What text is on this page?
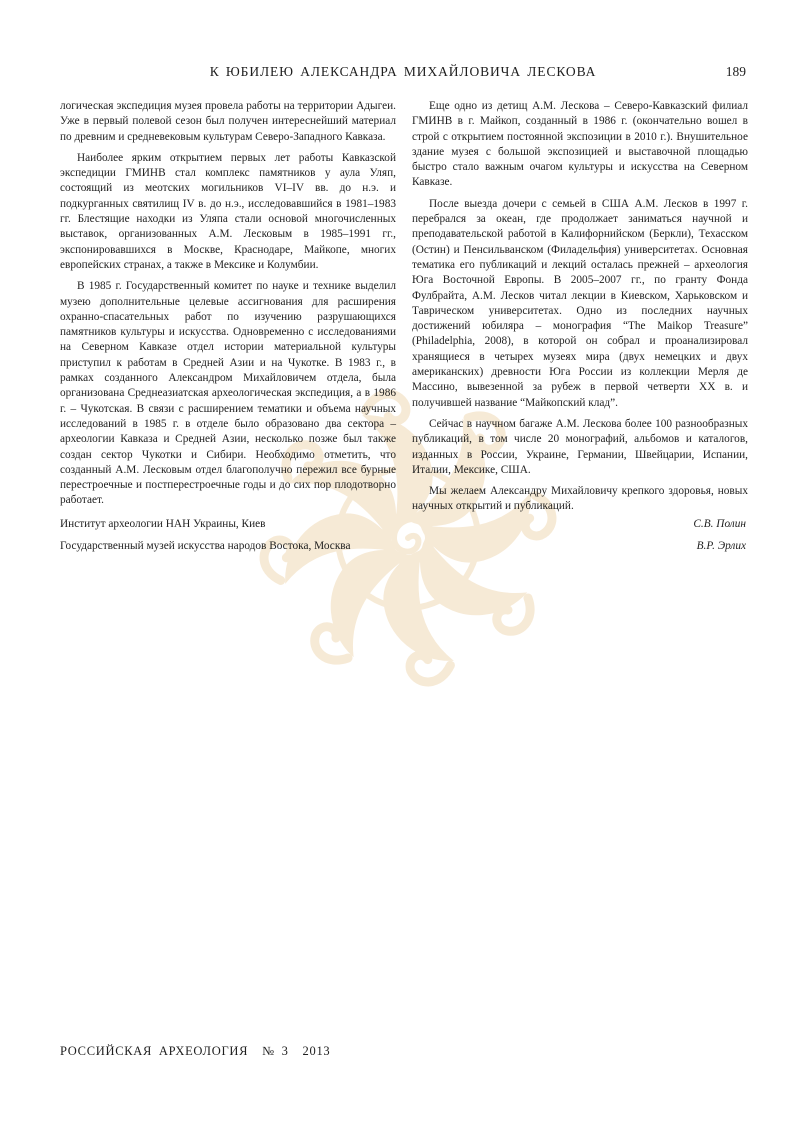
К ЮБИЛЕЮ АЛЕКСАНДРА МИХАЙЛОВИЧА ЛЕСКОВА	189

логическая экспедиция музея провела работы на территории Адыгеи. Уже в первый полевой сезон был получен интереснейший материал по древним и средневековым культурам Северо-Западного Кавказа.

Наиболее ярким открытием первых лет работы Кавказской экспедиции ГМИНВ стал комплекс памятников у аула Уляп, состоящий из меотских могильников VI–IV вв. до н.э. и подкурганных святилищ IV в. до н.э., исследовавшийся в 1981–1983 гг. Блестящие находки из Уляпа стали основой многочисленных выставок, организованных А.М. Лесковым в 1985–1991 гг., экспонировавшихся в Москве, Краснодаре, Майкопе, многих европейских странах, а также в Мексике и Колумбии.

В 1985 г. Государственный комитет по науке и технике выделил музею дополнительные целевые ассигнования для расширения охранно-спасательных работ по изучению разрушающихся памятников культуры и искусства. Одновременно с исследованиями на Северном Кавказе отдел истории материальной культуры приступил к работам в Средней Азии и на Чукотке. В 1983 г., в рамках созданного Александром Михайловичем отдела, была организована Среднеазиатская археологическая экспедиция, а в 1986 г. – Чукотская. В связи с расширением тематики и объема научных исследований в 1985 г. в отделе было образовано два сектора – археологии Кавказа и Средней Азии, несколько позже был также создан сектор Чукотки и Сибири. Необходимо отметить, что созданный А.М. Лесковым отдел благополучно пережил все бурные перестроечные и постперестроечные годы и до сих пор плодотворно работает.

Еще одно из детищ А.М. Лескова – Северо-Кавказский филиал ГМИНВ в г. Майкоп, созданный в 1986 г. (окончательно вошел в строй с открытием постоянной экспозиции в 2010 г.). Внушительное здание музея с большой экспозицией и выставочной площадью быстро стало важным очагом культуры и искусства на Северном Кавказе.

После выезда дочери с семьей в США А.М. Лесков в 1997 г. перебрался за океан, где продолжает заниматься научной и преподавательской работой в Калифорнийском (Беркли), Техасском (Остин) и Пенсильванском (Филадельфия) университетах. Основная тематика его публикаций и лекций осталась прежней – археология Юга Восточной Европы. В 2005–2007 гг., по гранту Фонда Фулбрайта, А.М. Лесков читал лекции в Киевском, Харьковском и Таврическом университетах. Одно из последних научных достижений юбиляра – монография “The Maikop Treasure” (Philadelphia, 2008), в которой он собрал и проанализировал хранящиеся в четырех музеях мира (двух немецких и двух американских) древности Юга России из коллекции Мерля де Массино, вывезенной за рубеж в первой четверти XX в. и получившей название “Майкопский клад”.

Сейчас в научном багаже А.М. Лескова более 100 разнообразных публикаций, в том числе 20 монографий, альбомов и каталогов, изданных в России, Украине, Германии, Швейцарии, Испании, Италии, Мексике, США.

Мы желаем Александру Михайловичу крепкого здоровья, новых научных открытий и публикаций.

Институт археологии НАН Украины, Киев	С.В. Полин
Государственный музей искусства народов Востока, Москва	В.Р. Эрлих
РОССИЙСКАЯ АРХЕОЛОГИЯ № 3 2013
